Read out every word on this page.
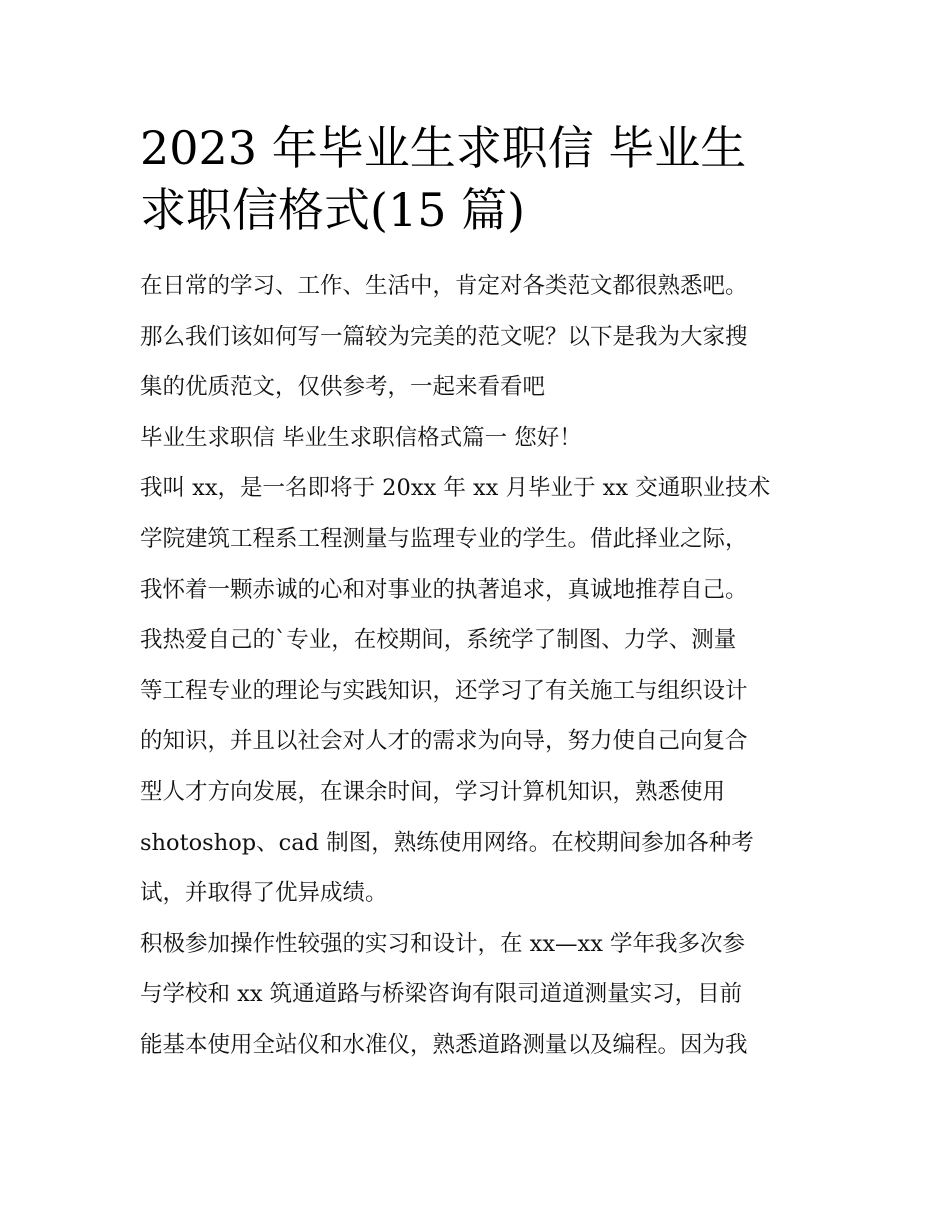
2023 年毕业生求职信 毕业生
求职信格式(15 篇)
在日常的学习、工作、生活中，肯定对各类范文都很熟悉吧。
那么我们该如何写一篇较为完美的范文呢？以下是我为大家搜
集的优质范文，仅供参考，一起来看看吧
毕业生求职信 毕业生求职信格式篇一 您好！
我叫 xx，是一名即将于 20xx 年 xx 月毕业于 xx 交通职业技术
学院建筑工程系工程测量与监理专业的学生。借此择业之际，
我怀着一颗赤诚的心和对事业的执著追求，真诚地推荐自己。
我热爱自己的`专业，在校期间，系统学了制图、力学、测量
等工程专业的理论与实践知识，还学习了有关施工与组织设计
的知识，并且以社会对人才的需求为向导，努力使自己向复合
型人才方向发展，在课余时间，学习计算机知识，熟悉使用
shotoshop、cad 制图，熟练使用网络。在校期间参加各种考
试，并取得了优异成绩。
积极参加操作性较强的实习和设计，在 xx—xx 学年我多次参
与学校和 xx 筑通道路与桥梁咨询有限司道道测量实习，目前
能基本使用全站仪和水准仪，熟悉道路测量以及编程。因为我
